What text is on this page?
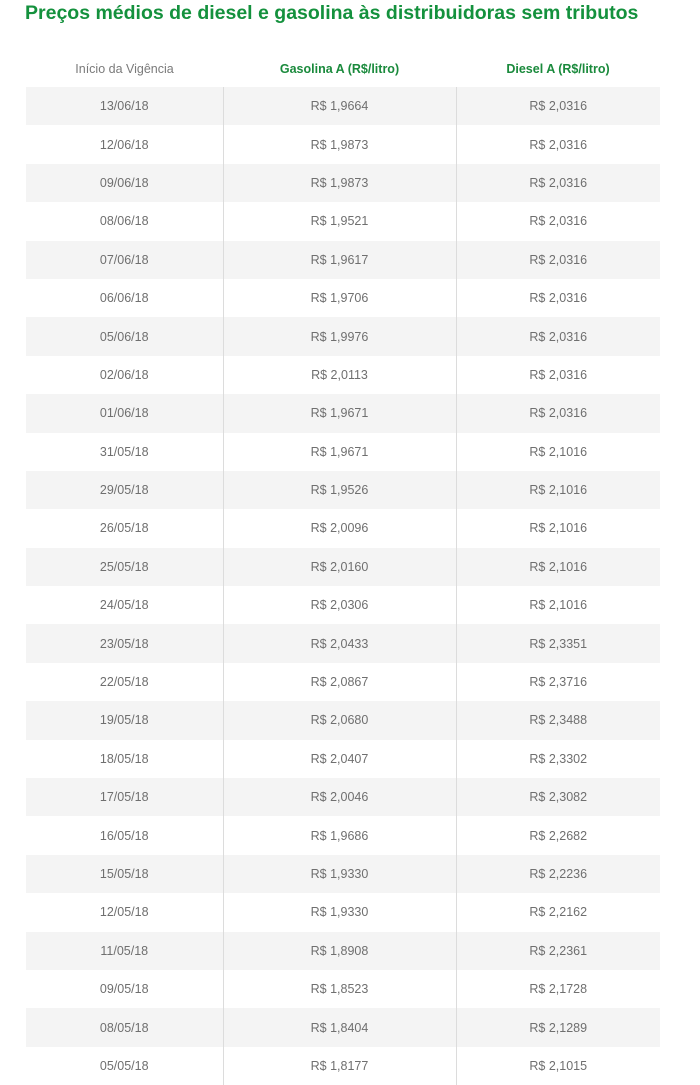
Preços médios de diesel e gasolina às distribuidoras sem tributos
Início da Vigência	Gasolina A (R$/litro)	Diesel A (R$/litro)
13/06/18	R$ 1,9664	R$ 2,0316
12/06/18	R$ 1,9873	R$ 2,0316
09/06/18	R$ 1,9873	R$ 2,0316
08/06/18	R$ 1,9521	R$ 2,0316
07/06/18	R$ 1,9617	R$ 2,0316
06/06/18	R$ 1,9706	R$ 2,0316
05/06/18	R$ 1,9976	R$ 2,0316
02/06/18	R$ 2,0113	R$ 2,0316
01/06/18	R$ 1,9671	R$ 2,0316
31/05/18	R$ 1,9671	R$ 2,1016
29/05/18	R$ 1,9526	R$ 2,1016
26/05/18	R$ 2,0096	R$ 2,1016
25/05/18	R$ 2,0160	R$ 2,1016
24/05/18	R$ 2,0306	R$ 2,1016
23/05/18	R$ 2,0433	R$ 2,3351
22/05/18	R$ 2,0867	R$ 2,3716
19/05/18	R$ 2,0680	R$ 2,3488
18/05/18	R$ 2,0407	R$ 2,3302
17/05/18	R$ 2,0046	R$ 2,3082
16/05/18	R$ 1,9686	R$ 2,2682
15/05/18	R$ 1,9330	R$ 2,2236
12/05/18	R$ 1,9330	R$ 2,2162
11/05/18	R$ 1,8908	R$ 2,2361
09/05/18	R$ 1,8523	R$ 2,1728
08/05/18	R$ 1,8404	R$ 2,1289
05/05/18	R$ 1,8177	R$ 2,1015
